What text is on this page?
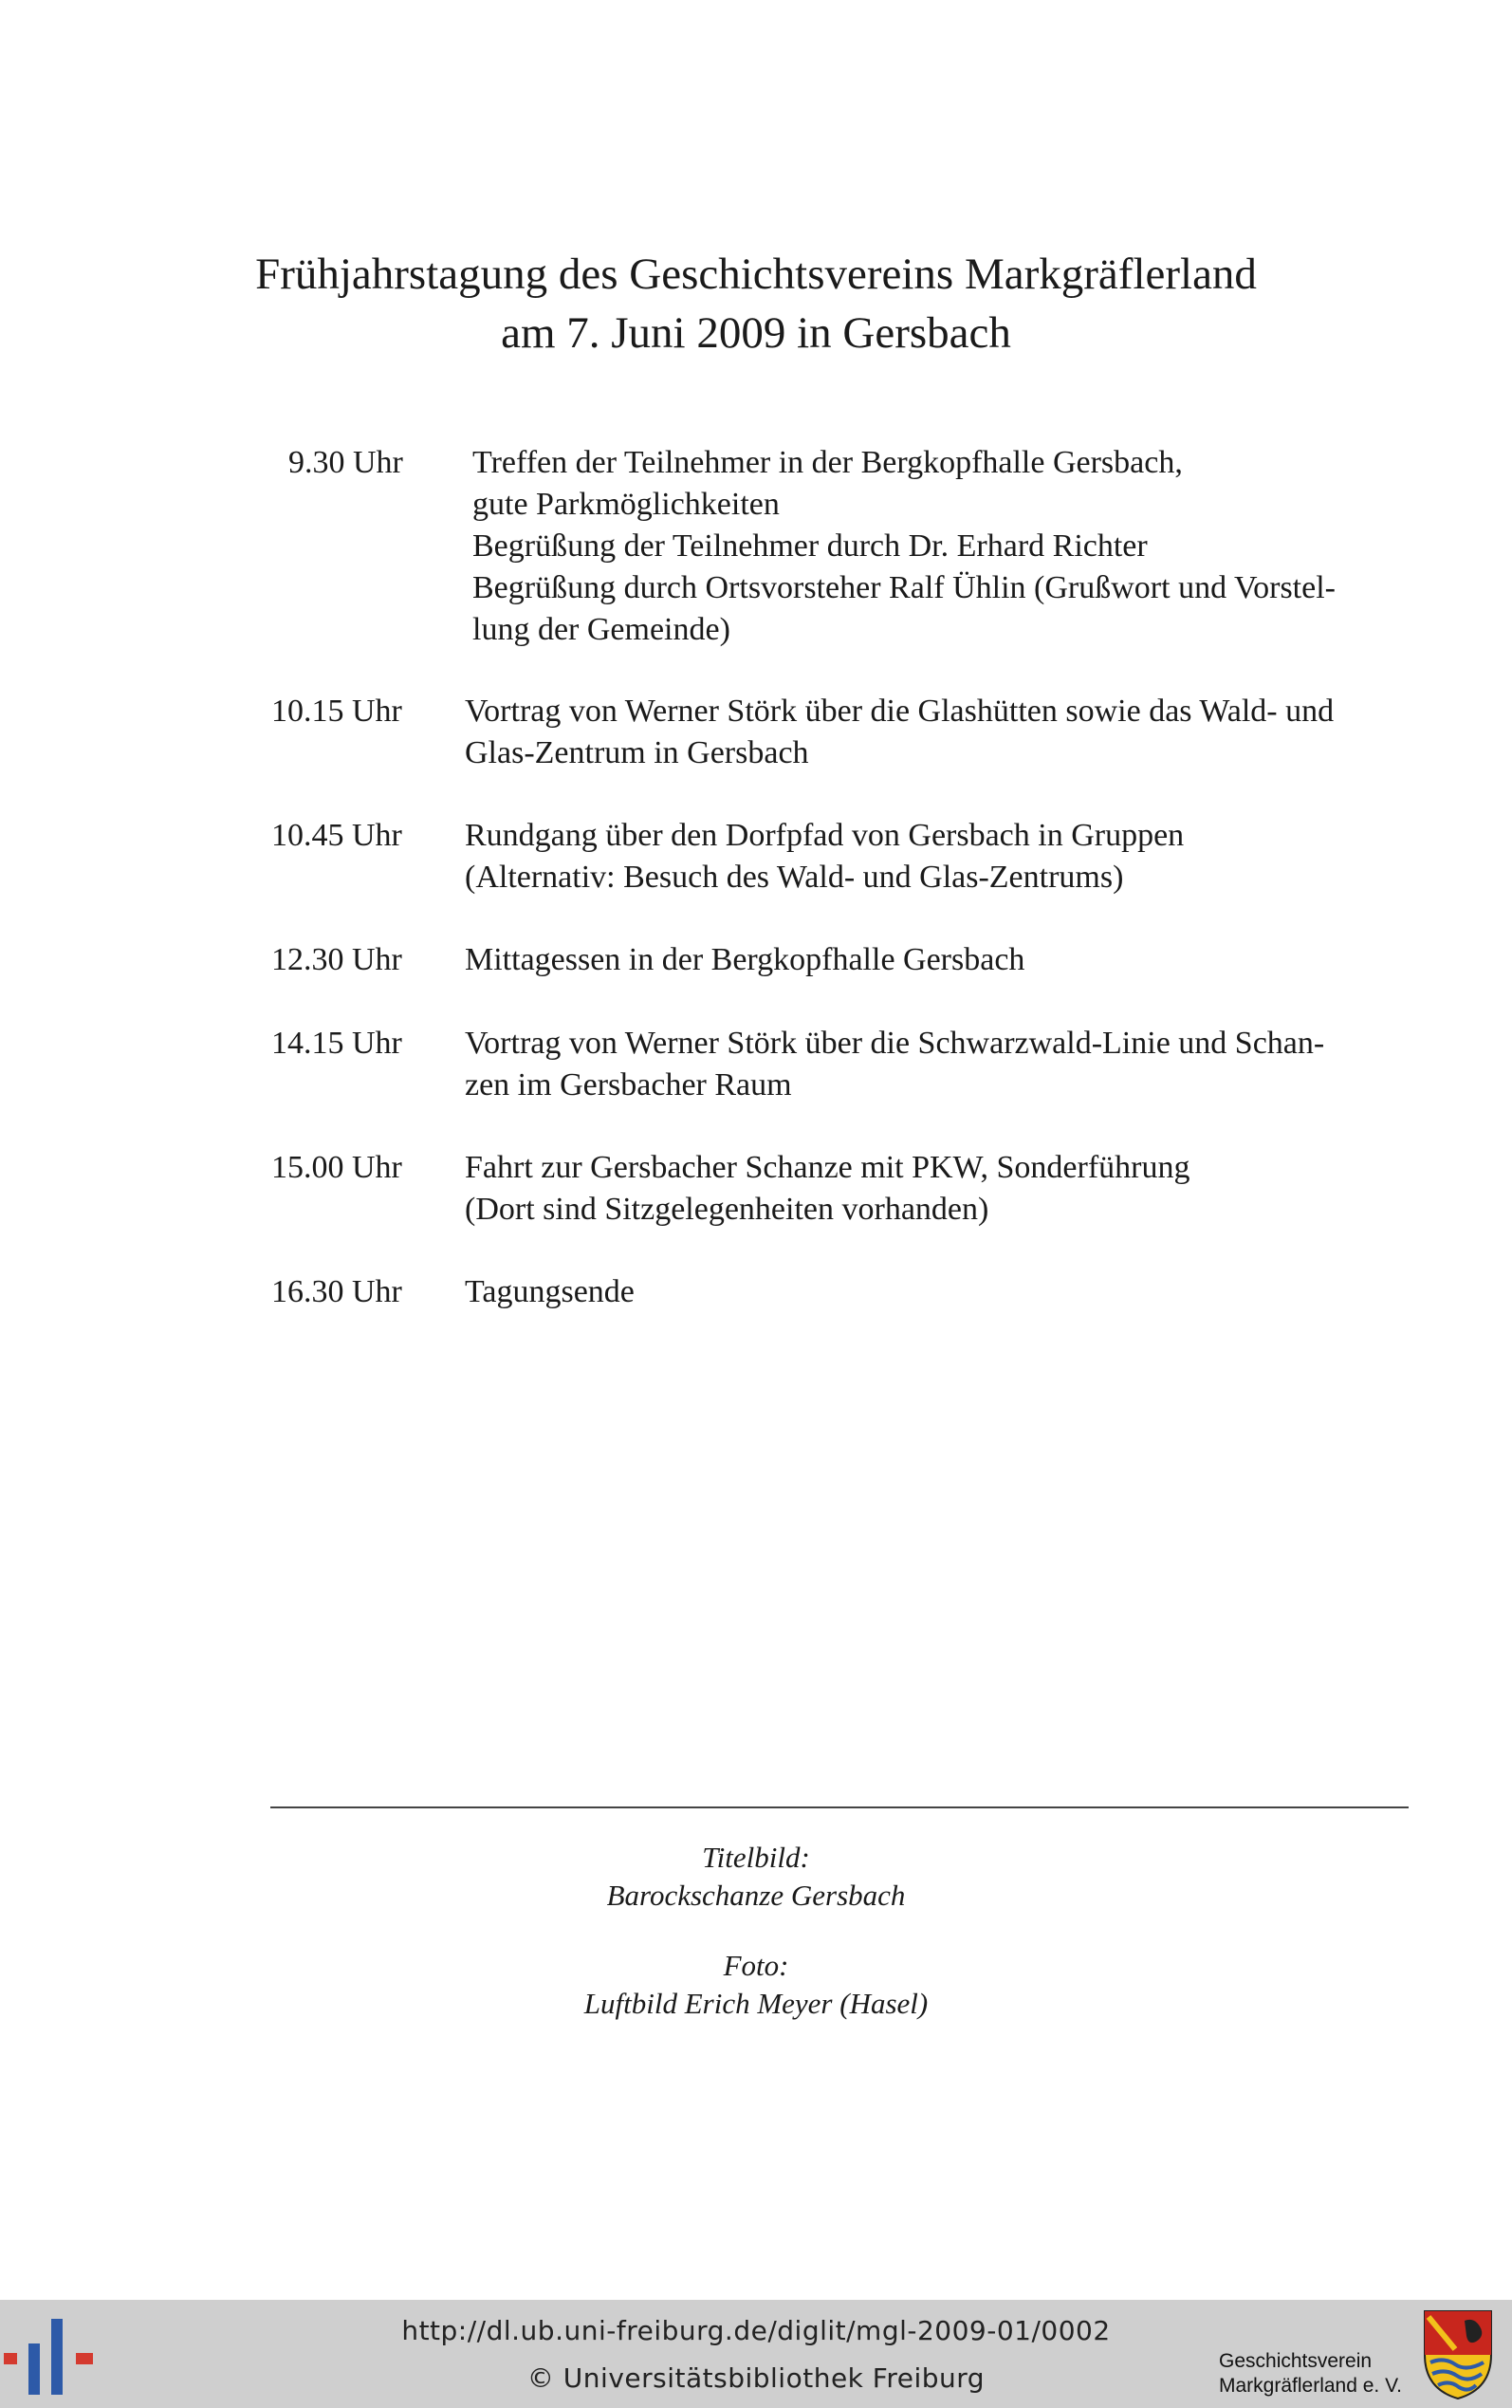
Frühjahrstagung des Geschichtsvereins Markgräflerland
am 7. Juni 2009 in Gersbach
9.30 Uhr Treffen der Teilnehmer in der Bergkopfhalle Gersbach,
gute Parkmöglichkeiten
Begrüßung der Teilnehmer durch Dr. Erhard Richter
Begrüßung durch Ortsvorsteher Ralf Ühlin (Grußwort und Vorstel-
lung der Gemeinde)
10.15 Uhr Vortrag von Werner Störk über die Glashütten sowie das Wald- und
Glas-Zentrum in Gersbach
10.45 Uhr Rundgang über den Dorfpfad von Gersbach in Gruppen
(Alternativ: Besuch des Wald- und Glas-Zentrums)
12.30 Uhr Mittagessen in der Bergkopfhalle Gersbach
14.15 Uhr Vortrag von Werner Störk über die Schwarzwald-Linie und Schan-
zen im Gersbacher Raum
15.00 Uhr Fahrt zur Gersbacher Schanze mit PKW, Sonderführung
(Dort sind Sitzgelegenheiten vorhanden)
16.30 Uhr Tagungsende
Titelbild:
Barockschanze Gersbach
Foto:
Luftbild Erich Meyer (Hasel)
http://dl.ub.uni-freiburg.de/diglit/mgl-2009-01/0002
© Universitätsbibliothek Freiburg
Geschichtsverein
Markgräflerland e. V.
